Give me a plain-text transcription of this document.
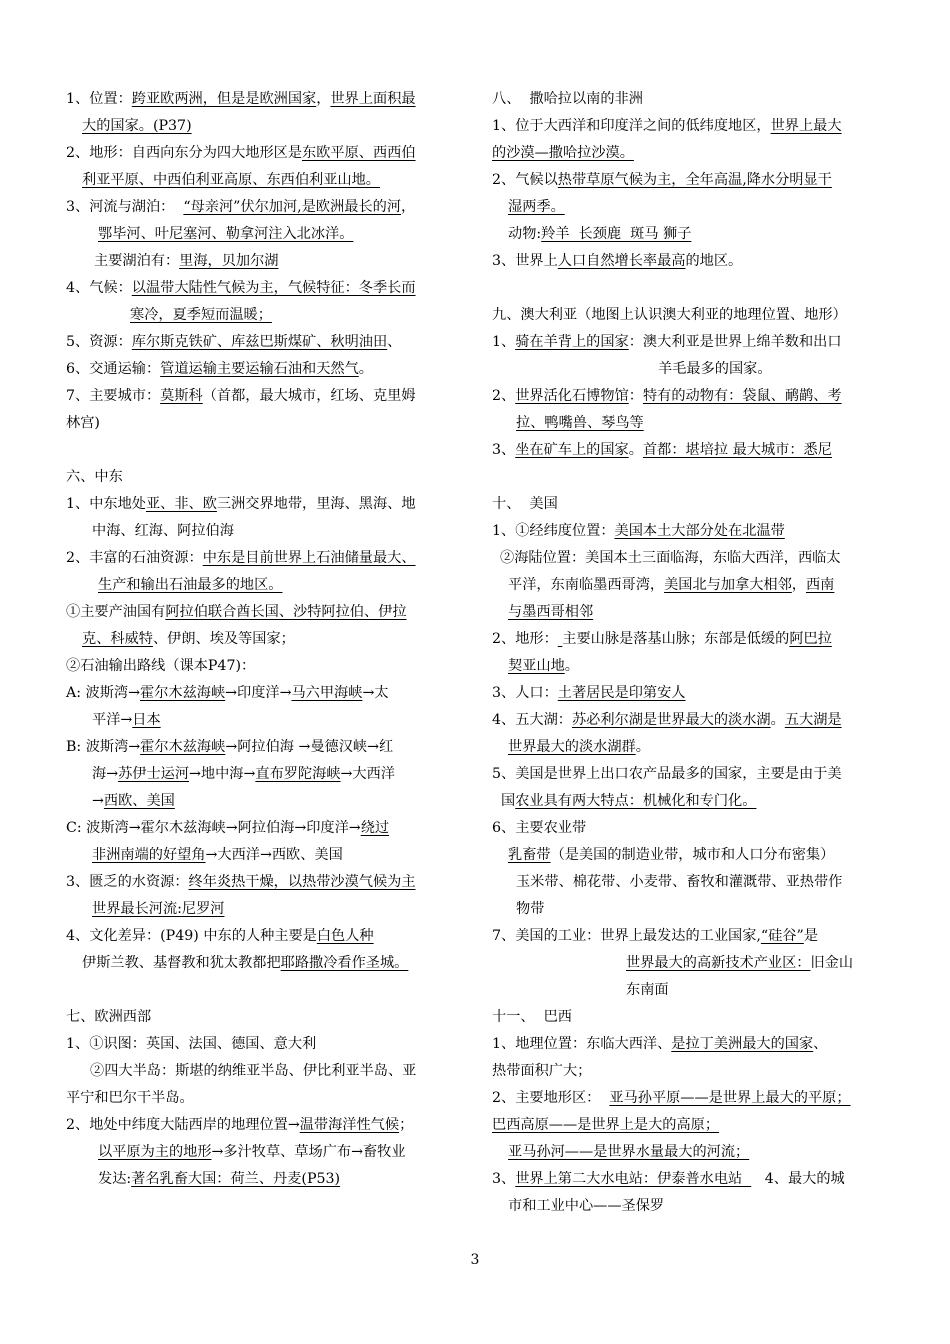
1、位置：跨亚欧两洲，但是是欧洲国家，世界上面积最
大的国家。(P37)
2、地形：自西向东分为四大地形区是东欧平原、西西伯
利亚平原、中西伯利亚高原、东西伯利亚山地。
3、河流与湖泊：  “母亲河”伏尔加河,是欧洲最长的河，
鄂毕河、叶尼塞河、勒拿河注入北冰洋。
主要湖泊有：里海，贝加尔湖
4、气候：以温带大陆性气候为主，气候特征：冬季长而
寒冷，夏季短而温暖；
5、资源：库尔斯克铁矿、库兹巴斯煤矿、秋明油田、
6、交通运输：管道运输主要运输石油和天然气。
7、主要城市：莫斯科（首都，最大城市，红场、克里姆
林宫)
六、中东
1、中东地处亚、非、欧三洲交界地带，里海、黑海、地
中海、红海、阿拉伯海
2、丰富的石油资源：中东是目前世界上石油储量最大、
生产和输出石油最多的地区。
①主要产油国有阿拉伯联合酋长国、沙特阿拉伯、伊拉
克、科威特、伊朗、埃及等国家；
②石油输出路线（课本P47)：
A: 波斯湾→霍尔木兹海峡→印度洋→马六甲海峡→太
平洋→日本
B: 波斯湾→霍尔木兹海峡→阿拉伯海 →曼德汉峡→红
海→苏伊士运河→地中海→直布罗陀海峡→大西洋
→西欧、美国
C: 波斯湾→霍尔木兹海峡→阿拉伯海→印度洋→绕过
非洲南端的好望角→大西洋→西欧、美国
3、匮乏的水资源：终年炎热干燥，以热带沙漠气候为主
世界最长河流:尼罗河
4、文化差异：(P49) 中东的人种主要是白色人种
伊斯兰教、基督教和犹太教都把耶路撒冷看作圣城。
七、欧洲西部
1、①识图：英国、法国、德国、意大利
②四大半岛：斯堪的纳维亚半岛、伊比利亚半岛、亚
平宁和巴尔干半岛。
2、地处中纬度大陆西岸的地理位置→温带海洋性气候；
以平原为主的地形→多汁牧草、草场广布→畜牧业
发达:著名乳畜大国：荷兰、丹麦(P53)
八、  撒哈拉以南的非洲
1、位于大西洋和印度洋之间的低纬度地区，世界上最大
的沙漠—撒哈拉沙漠。
2、气候以热带草原气候为主，全年高温,降水分明显干
湿两季。
动物:羚羊  长颈鹿  斑马 狮子
3、世界上人口自然增长率最高的地区。
九、澳大利亚（地图上认识澳大利亚的地理位置、地形）
1、骑在羊背上的国家：澳大利亚是世界上绵羊数和出口
羊毛最多的国家。
2、世界活化石博物馆：特有的动物有：袋鼠、鸸鹋、考
拉、鸭嘴兽、琴鸟等
3、坐在矿车上的国家。首都：堪培拉 最大城市：悉尼
十、  美国
1、①经纬度位置：美国本土大部分处在北温带
②海陆位置：美国本土三面临海，东临大西洋，西临太
平洋，东南临墨西哥湾，美国北与加拿大相邻，西南
与墨西哥相邻
2、地形： 主要山脉是落基山脉；东部是低缓的阿巴拉
契亚山地。
3、人口：土著居民是印第安人
4、五大湖：苏必利尔湖是世界最大的淡水湖。五大湖是
世界最大的淡水湖群。
5、美国是世界上出口农产品最多的国家，主要是由于美
国农业具有两大特点：机械化和专门化。
6、主要农业带
乳畜带（是美国的制造业带，城市和人口分布密集）
玉米带、棉花带、小麦带、畜牧和灌溉带、亚热带作
物带
7、美国的工业：世界上最发达的工业国家,“硅谷”是
世界最大的高新技术产业区：旧金山
东南面
十一、  巴西
1、地理位置：东临大西洋、是拉丁美洲最大的国家、
热带面积广大；
2、主要地形区：  亚马孙平原——是世界上最大的平原；
巴西高原——是世界上是大的高原；
亚马孙河——是世界水量最大的河流；
3、世界上第二大水电站：伊泰普水电站     4、最大的城
市和工业中心——圣保罗
3
